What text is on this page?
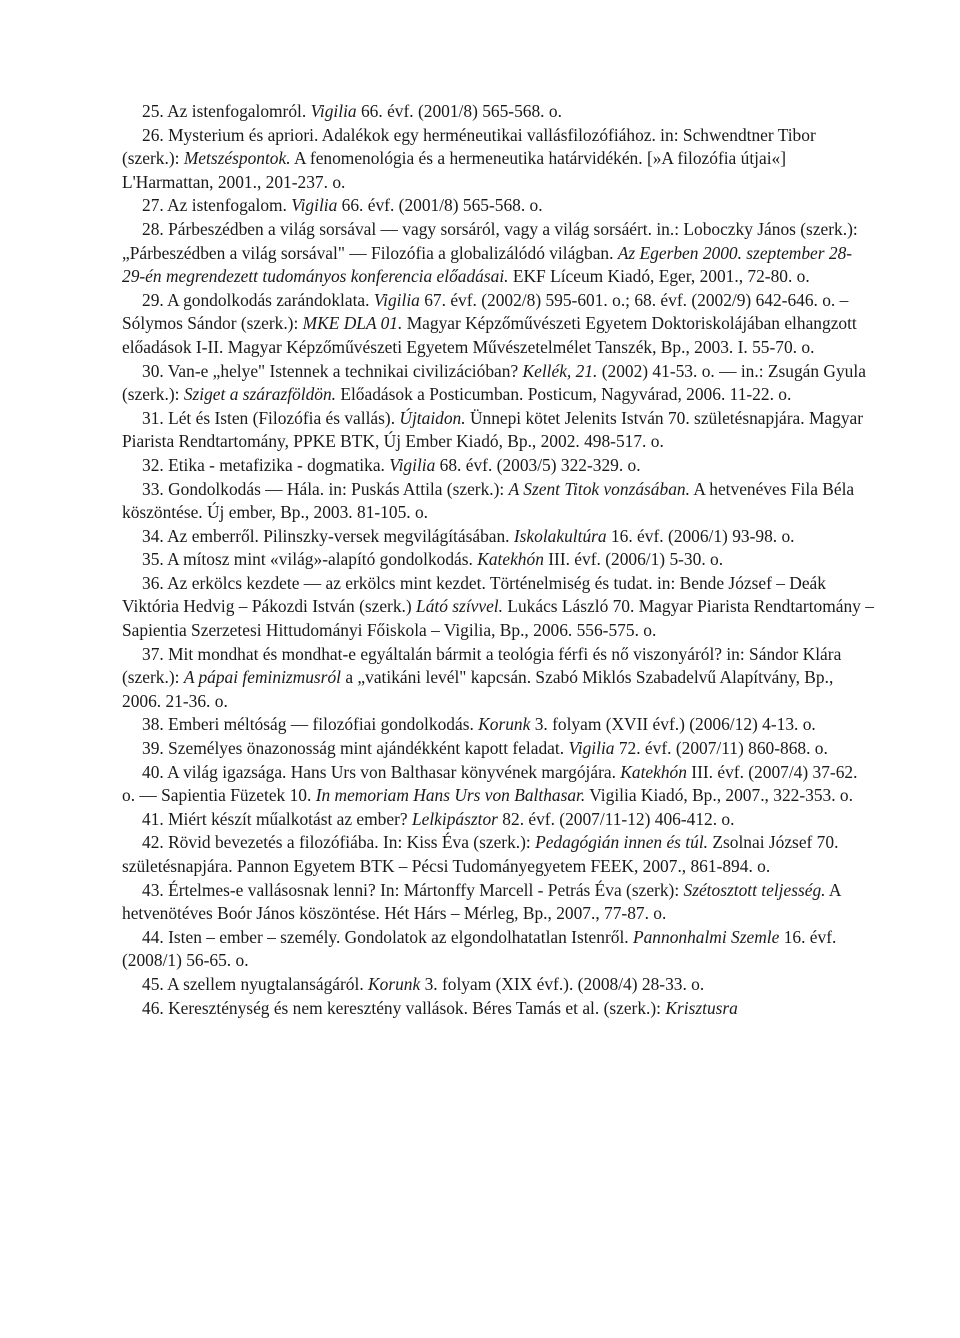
25. Az istenfogalomról. Vigilia 66. évf. (2001/8) 565-568. o.

26. Mysterium és apriori. Adalékok egy herméneutikai vallásfilozófiához. in: Schwendtner Tibor (szerk.): Metszéspontok. A fenomenológia és a hermeneutika határvidékén. [»A filozófia útjai«] L'Harmattan, 2001., 201-237. o.

27. Az istenfogalom. Vigilia 66. évf. (2001/8) 565-568. o.

28. Párbeszédben a világ sorsával — vagy sorsáról, vagy a világ sorsáért. in.: Loboczky János (szerk.): „Párbeszédben a világ sorsával" — Filozófia a globalizálódó világban. Az Egerben 2000. szeptember 28-29-én megrendezett tudományos konferencia előadásai. EKF Líceum Kiadó, Eger, 2001., 72-80. o.

29. A gondolkodás zarándoklata. Vigilia 67. évf. (2002/8) 595-601. o.; 68. évf. (2002/9) 642-646. o. – Sólymos Sándor (szerk.): MKE DLA 01. Magyar Képzőművészeti Egyetem Doktoriskolájában elhangzott előadások I-II. Magyar Képzőművészeti Egyetem Művészetelmélet Tanszék, Bp., 2003. I. 55-70. o.

30. Van-e „helye" Istennek a technikai civilizációban? Kellék, 21. (2002) 41-53. o. — in.: Zsugán Gyula (szerk.): Sziget a szárazföldön. Előadások a Posticumban. Posticum, Nagyvárad, 2006. 11-22. o.

31. Lét és Isten (Filozófia és vallás). Újtaidon. Ünnepi kötet Jelenits István 70. születésnapjára. Magyar Piarista Rendtartomány, PPKE BTK, Új Ember Kiadó, Bp., 2002. 498-517. o.

32. Etika - metafizika - dogmatika. Vigilia 68. évf. (2003/5) 322-329. o.

33. Gondolkodás — Hála. in: Puskás Attila (szerk.): A Szent Titok vonzásában. A hetvenéves Fila Béla köszöntése. Új ember, Bp., 2003. 81-105. o.

34. Az emberről. Pilinszky-versek megvilágításában. Iskolakultúra 16. évf. (2006/1) 93-98. o.

35. A mítosz mint «világ»-alapító gondolkodás. Katekhón III. évf. (2006/1) 5-30. o.

36. Az erkölcs kezdete — az erkölcs mint kezdet. Történelmiség és tudat. in: Bende József – Deák Viktória Hedvig – Pákozdi István (szerk.) Látó szívvel. Lukács László 70. Magyar Piarista Rendtartomány – Sapientia Szerzetesi Hittudományi Főiskola – Vigilia, Bp., 2006. 556-575. o.

37. Mit mondhat és mondhat-e egyáltalán bármit a teológia férfi és nő viszonyáról? in: Sándor Klára (szerk.): A pápai feminizmusról a „vatikáni levél" kapcsán. Szabó Miklós Szabadelvű Alapítvány, Bp., 2006. 21-36. o.

38. Emberi méltóság — filozófiai gondolkodás. Korunk 3. folyam (XVII évf.) (2006/12) 4-13. o.

39. Személyes önazonosság mint ajándékként kapott feladat. Vigilia 72. évf. (2007/11) 860-868. o.

40. A világ igazsága. Hans Urs von Balthasar könyvének margójára. Katekhón III. évf. (2007/4) 37-62. o. — Sapientia Füzetek 10. In memoriam Hans Urs von Balthasar. Vigilia Kiadó, Bp., 2007., 322-353. o.

41. Miért készít műalkotást az ember? Lelkipásztor 82. évf. (2007/11-12) 406-412. o.

42. Rövid bevezetés a filozófiába. In: Kiss Éva (szerk.): Pedagógián innen és túl. Zsolnai József 70. születésnapjára. Pannon Egyetem BTK – Pécsi Tudományegyetem FEEK, 2007., 861-894. o.

43. Értelmes-e vallásosnak lenni? In: Mártonffy Marcell - Petrás Éva (szerk): Szétosztott teljesség. A hetvenötéves Boór János köszöntése. Hét Hárs – Mérleg, Bp., 2007., 77-87. o.

44. Isten – ember – személy. Gondolatok az elgondolhatatlan Istenről. Pannonhalmi Szemle 16. évf. (2008/1) 56-65. o.

45. A szellem nyugtalanságáról. Korunk 3. folyam (XIX évf.). (2008/4) 28-33. o.

46. Kereszténység és nem keresztény vallások. Béres Tamás et al. (szerk.): Krisztusra
